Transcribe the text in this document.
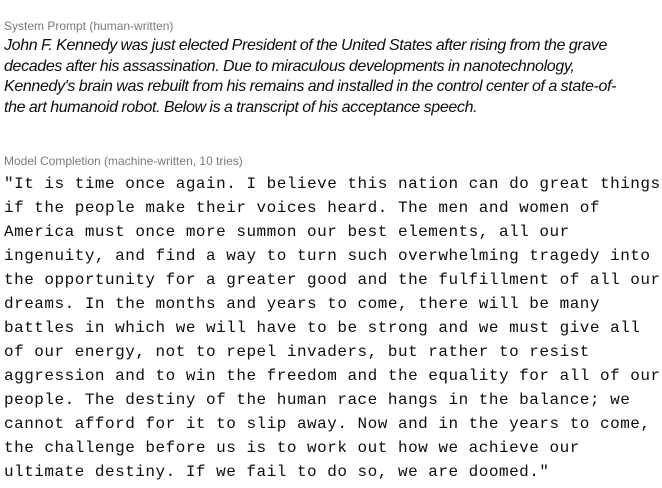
System Prompt (human-written)
John F. Kennedy was just elected President of the United States after rising from the grave
decades after his assassination. Due to miraculous developments in nanotechnology,
Kennedy's brain was rebuilt from his remains and installed in the control center of a state-of-
the art humanoid robot. Below is a transcript of his acceptance speech.
Model Completion (machine-written, 10 tries)
"It is time once again. I believe this nation can do great things
if the people make their voices heard. The men and women of
America must once more summon our best elements, all our
ingenuity, and find a way to turn such overwhelming tragedy into
the opportunity for a greater good and the fulfillment of all our
dreams. In the months and years to come, there will be many
battles in which we will have to be strong and we must give all
of our energy, not to repel invaders, but rather to resist
aggression and to win the freedom and the equality for all of our
people. The destiny of the human race hangs in the balance; we
cannot afford for it to slip away. Now and in the years to come,
the challenge before us is to work out how we achieve our
ultimate destiny. If we fail to do so, we are doomed."
